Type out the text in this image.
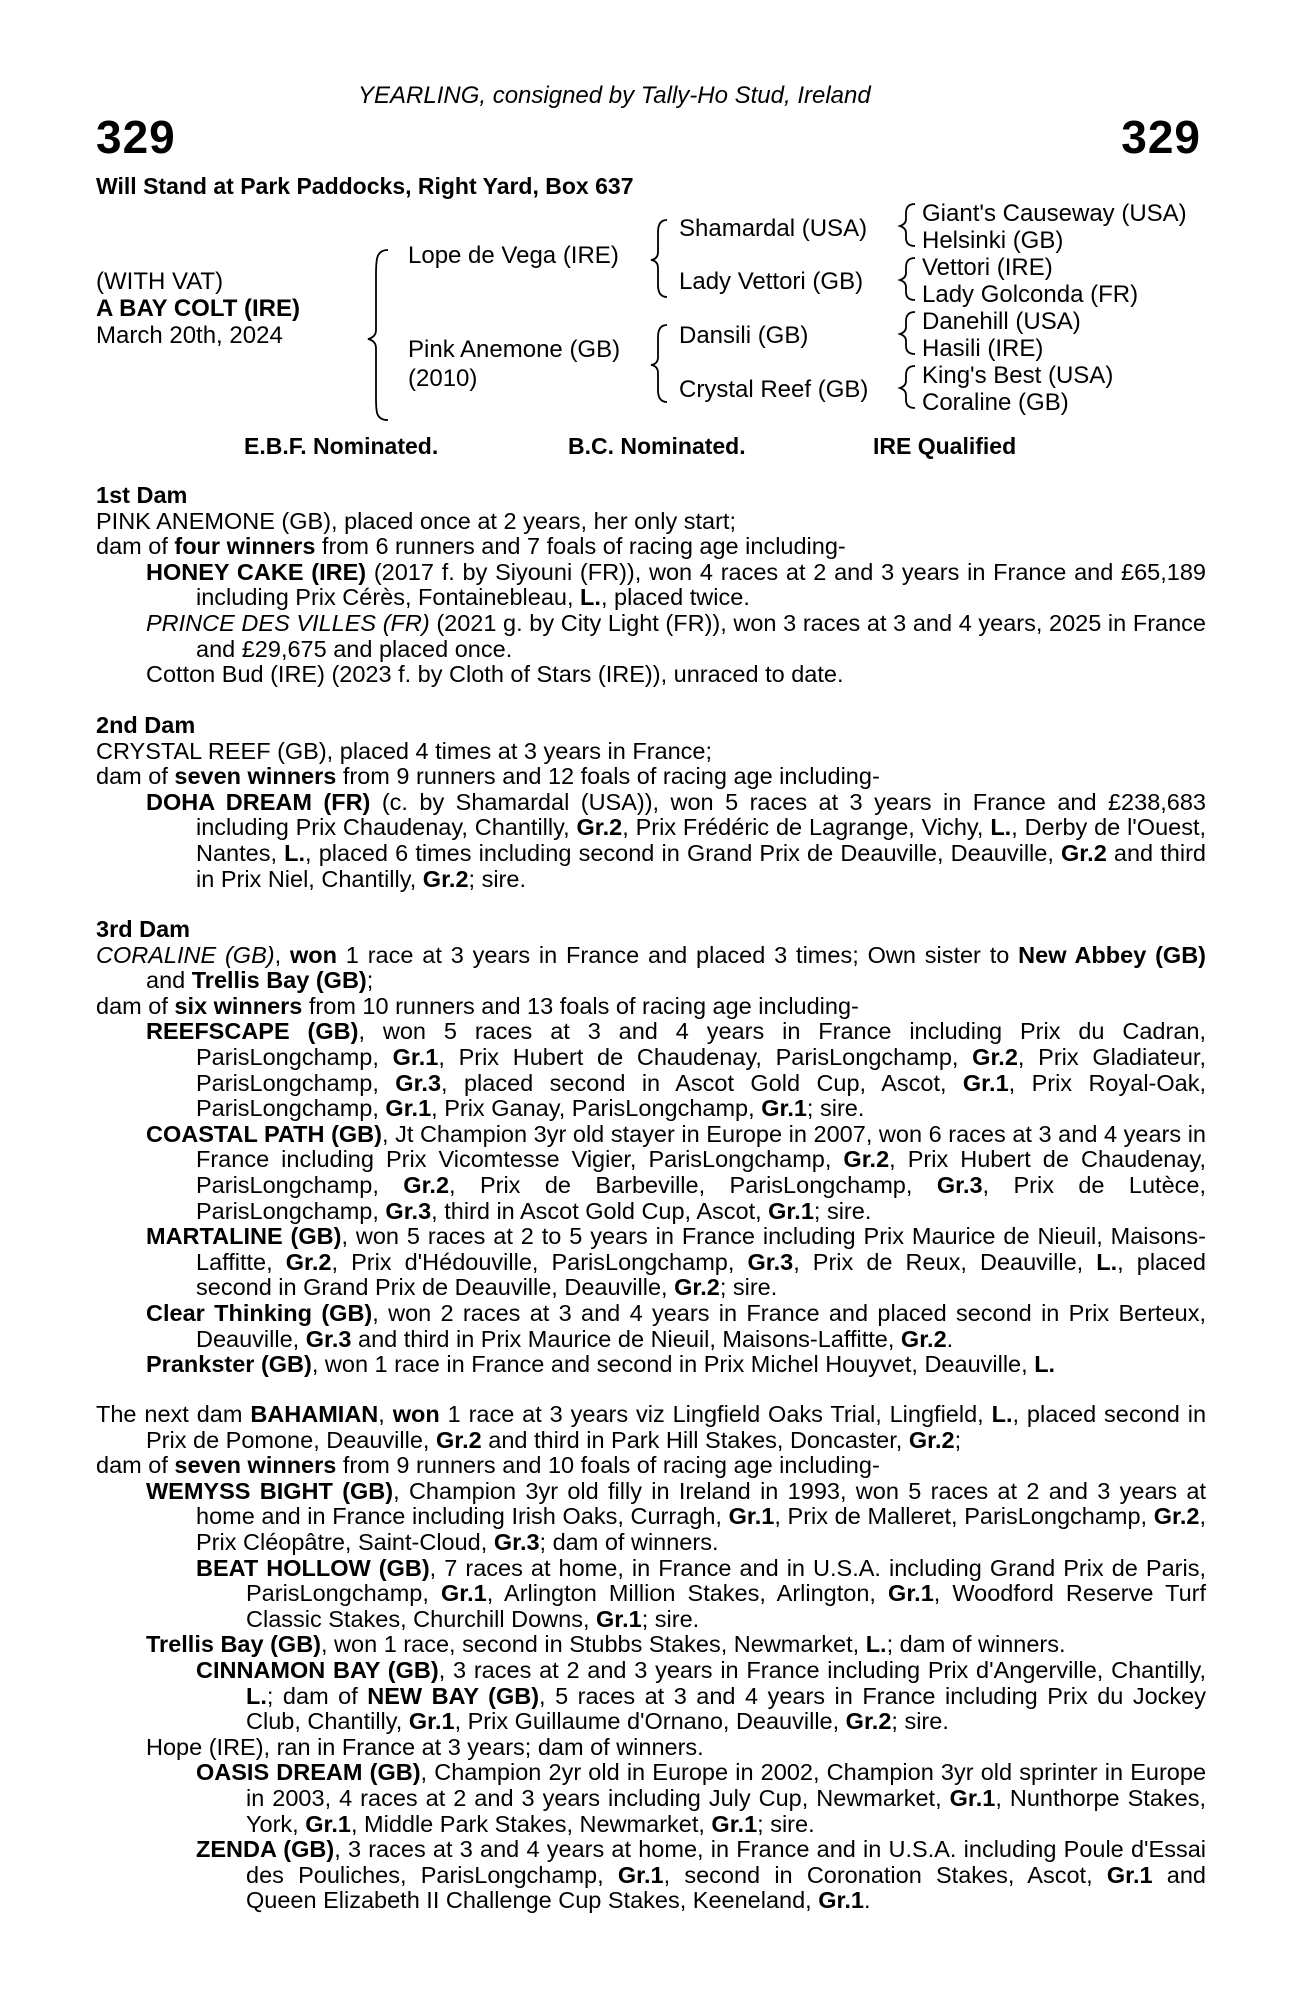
YEARLING, consigned by Tally-Ho Stud, Ireland
329	329
Will Stand at Park Paddocks, Right Yard, Box 637
(WITH VAT)
A BAY COLT (IRE)
March 20th, 2024
Lope de Vega (IRE)
Pink Anemone (GB)
(2010)
Shamardal (USA)
Lady Vettori (GB)
Dansili (GB)
Crystal Reef (GB)
Giant's Causeway (USA)
Helsinki (GB)
Vettori (IRE)
Lady Golconda (FR)
Danehill (USA)
Hasili (IRE)
King's Best (USA)
Coraline (GB)
E.B.F. Nominated.	B.C. Nominated.	IRE Qualified
1st Dam

PINK ANEMONE (GB), placed once at 2 years, her only start;

dam of four winners from 6 runners and 7 foals of racing age including-

HONEY CAKE (IRE) (2017 f. by Siyouni (FR)), won 4 races at 2 and 3 years in France and £65,189 including Prix Cérès, Fontainebleau, L., placed twice.

PRINCE DES VILLES (FR) (2021 g. by City Light (FR)), won 3 races at 3 and 4 years, 2025 in France and £29,675 and placed once.

Cotton Bud (IRE) (2023 f. by Cloth of Stars (IRE)), unraced to date.

2nd Dam

CRYSTAL REEF (GB), placed 4 times at 3 years in France;

dam of seven winners from 9 runners and 12 foals of racing age including-

DOHA DREAM (FR) (c. by Shamardal (USA)), won 5 races at 3 years in France and £238,683 including Prix Chaudenay, Chantilly, Gr.2, Prix Frédéric de Lagrange, Vichy, L., Derby de l'Ouest, Nantes, L., placed 6 times including second in Grand Prix de Deauville, Deauville, Gr.2 and third in Prix Niel, Chantilly, Gr.2; sire.

3rd Dam

CORALINE (GB), won 1 race at 3 years in France and placed 3 times; Own sister to New Abbey (GB) and Trellis Bay (GB);

dam of six winners from 10 runners and 13 foals of racing age including-

REEFSCAPE (GB), won 5 races at 3 and 4 years in France including Prix du Cadran, ParisLongchamp, Gr.1, Prix Hubert de Chaudenay, ParisLongchamp, Gr.2, Prix Gladiateur, ParisLongchamp, Gr.3, placed second in Ascot Gold Cup, Ascot, Gr.1, Prix Royal-Oak, ParisLongchamp, Gr.1, Prix Ganay, ParisLongchamp, Gr.1; sire.

COASTAL PATH (GB), Jt Champion 3yr old stayer in Europe in 2007, won 6 races at 3 and 4 years in France including Prix Vicomtesse Vigier, ParisLongchamp, Gr.2, Prix Hubert de Chaudenay, ParisLongchamp, Gr.2, Prix de Barbeville, ParisLongchamp, Gr.3, Prix de Lutèce, ParisLongchamp, Gr.3, third in Ascot Gold Cup, Ascot, Gr.1; sire.

MARTALINE (GB), won 5 races at 2 to 5 years in France including Prix Maurice de Nieuil, Maisons-Laffitte, Gr.2, Prix d'Hédouville, ParisLongchamp, Gr.3, Prix de Reux, Deauville, L., placed second in Grand Prix de Deauville, Deauville, Gr.2; sire.

Clear Thinking (GB), won 2 races at 3 and 4 years in France and placed second in Prix Berteux, Deauville, Gr.3 and third in Prix Maurice de Nieuil, Maisons-Laffitte, Gr.2.

Prankster (GB), won 1 race in France and second in Prix Michel Houyvet, Deauville, L.

The next dam BAHAMIAN, won 1 race at 3 years viz Lingfield Oaks Trial, Lingfield, L., placed second in Prix de Pomone, Deauville, Gr.2 and third in Park Hill Stakes, Doncaster, Gr.2;

dam of seven winners from 9 runners and 10 foals of racing age including-

WEMYSS BIGHT (GB), Champion 3yr old filly in Ireland in 1993, won 5 races at 2 and 3 years at home and in France including Irish Oaks, Curragh, Gr.1, Prix de Malleret, ParisLongchamp, Gr.2, Prix Cléopâtre, Saint-Cloud, Gr.3; dam of winners.

BEAT HOLLOW (GB), 7 races at home, in France and in U.S.A. including Grand Prix de Paris, ParisLongchamp, Gr.1, Arlington Million Stakes, Arlington, Gr.1, Woodford Reserve Turf Classic Stakes, Churchill Downs, Gr.1; sire.

Trellis Bay (GB), won 1 race, second in Stubbs Stakes, Newmarket, L.; dam of winners.

CINNAMON BAY (GB), 3 races at 2 and 3 years in France including Prix d'Angerville, Chantilly, L.; dam of NEW BAY (GB), 5 races at 3 and 4 years in France including Prix du Jockey Club, Chantilly, Gr.1, Prix Guillaume d'Ornano, Deauville, Gr.2; sire.

Hope (IRE), ran in France at 3 years; dam of winners.

OASIS DREAM (GB), Champion 2yr old in Europe in 2002, Champion 3yr old sprinter in Europe in 2003, 4 races at 2 and 3 years including July Cup, Newmarket, Gr.1, Nunthorpe Stakes, York, Gr.1, Middle Park Stakes, Newmarket, Gr.1; sire.

ZENDA (GB), 3 races at 3 and 4 years at home, in France and in U.S.A. including Poule d'Essai des Pouliches, ParisLongchamp, Gr.1, second in Coronation Stakes, Ascot, Gr.1 and Queen Elizabeth II Challenge Cup Stakes, Keeneland, Gr.1.
